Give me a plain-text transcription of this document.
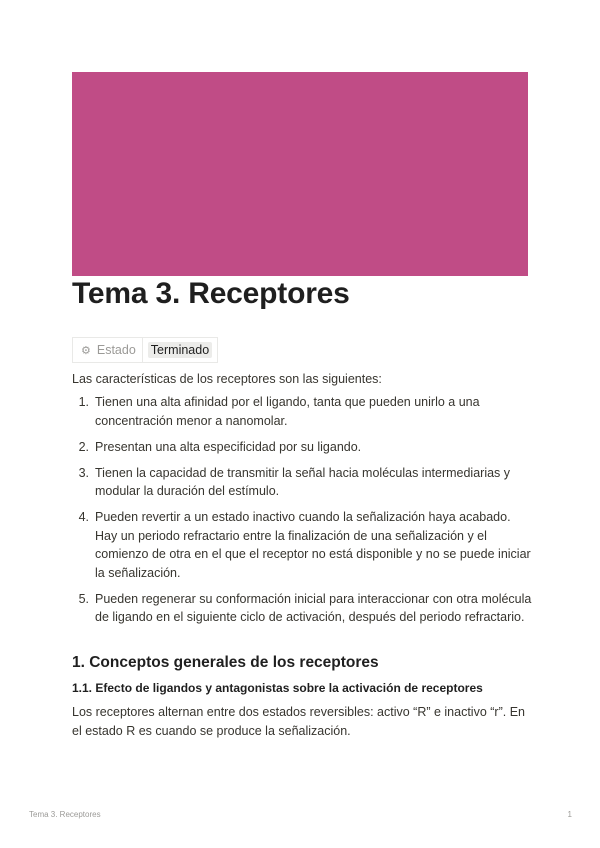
Tema 3. Receptores
⚙ Estado Terminado

Las características de los receptores son las siguientes:

1. Tienen una alta afinidad por el ligando, tanta que pueden unirlo a una concentración menor a nanomolar.
2. Presentan una alta especificidad por su ligando.
3. Tienen la capacidad de transmitir la señal hacia moléculas intermediarias y modular la duración del estímulo.
4. Pueden revertir a un estado inactivo cuando la señalización haya acabado. Hay un periodo refractario entre la finalización de una señalización y el comienzo de otra en el que el receptor no está disponible y no se puede iniciar la señalización.
5. Pueden regenerar su conformación inicial para interaccionar con otra molécula de ligando en el siguiente ciclo de activación, después del periodo refractario.
1. Conceptos generales de los receptores
1.1. Efecto de ligandos y antagonistas sobre la activación de receptores

Los receptores alternan entre dos estados reversibles: activo “R” e inactivo “r”. En el estado R es cuando se produce la señalización.

Tema 3. Receptores	1
